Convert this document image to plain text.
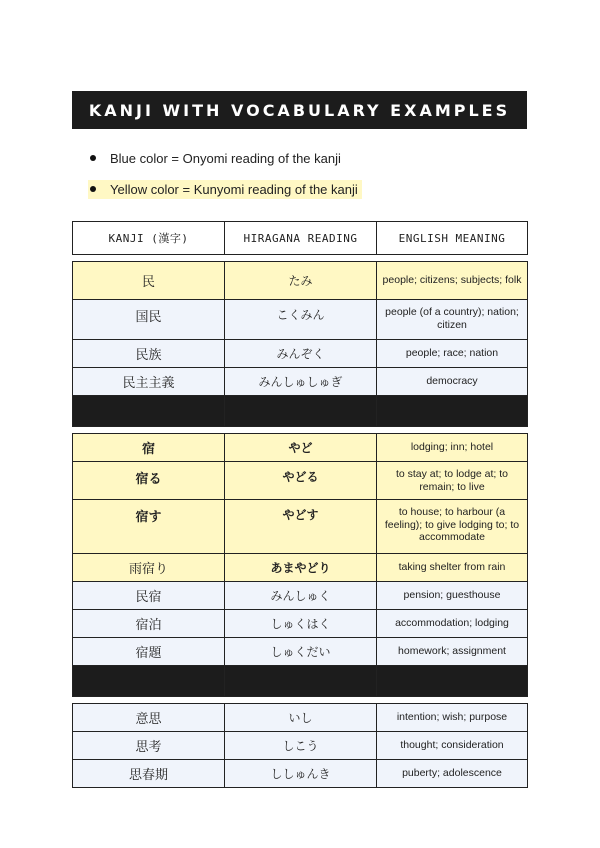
KANJI WITH VOCABULARY EXAMPLES
Blue color = Onyomi reading of the kanji
Yellow color = Kunyomi reading of the kanji
KANJI (漢字)	HIRAGANA READING	ENGLISH MEANING

民	たみ	people; citizens; subjects; folk
国民	こくみん	people (of a country); nation; citizen
民族	みんぞく	people; race; nation
民主主義	みんしゅしゅぎ	democracy

宿	やど	lodging; inn; hotel
宿る	やどる	to stay at; to lodge at; to remain; to live
宿す	やどす	to house; to harbour (a feeling); to give lodging to; to accommodate
雨宿り	あまやどり	taking shelter from rain
民宿	みんしゅく	pension; guesthouse
宿泊	しゅくはく	accommodation; lodging
宿題	しゅくだい	homework; assignment

意思	いし	intention; wish; purpose
思考	しこう	thought; consideration
思春期	ししゅんき	puberty; adolescence
